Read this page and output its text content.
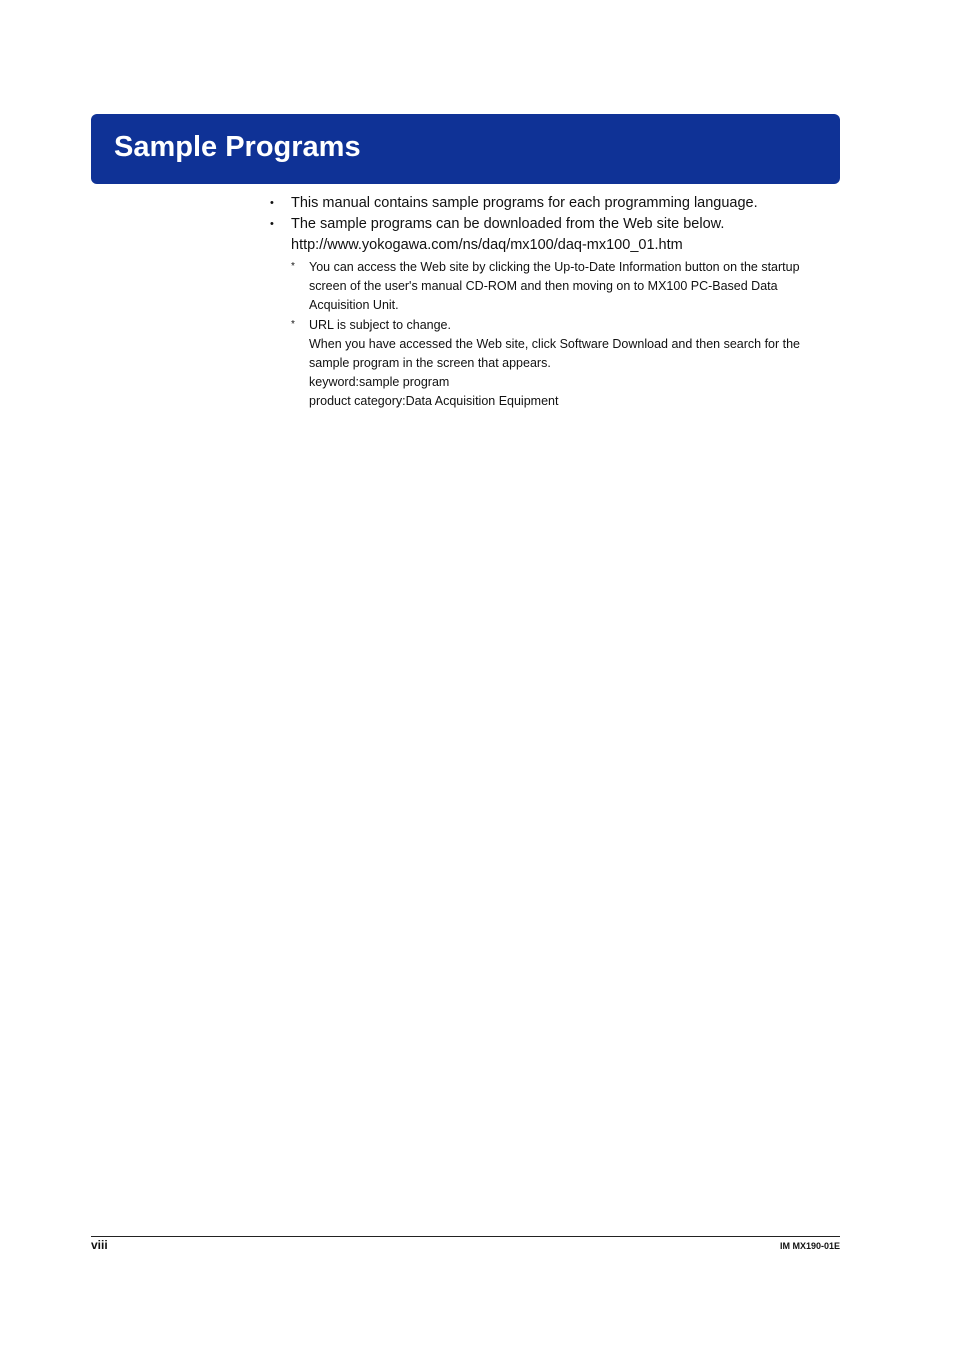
Sample Programs
•	This manual contains sample programs for each programming language.
•	The sample programs can be downloaded from the Web site below.
http://www.yokogawa.com/ns/daq/mx100/daq-mx100_01.htm
* You can access the Web site by clicking the Up-to-Date Information button on the startup
screen of the user's manual CD-ROM and then moving on to MX100 PC-Based Data
Acquisition Unit.
* URL is subject to change.
When you have accessed the Web site, click Software Download and then search for the
sample program in the screen that appears.
keyword:sample program
product category:Data Acquisition Equipment
viii	IM MX190-01E
